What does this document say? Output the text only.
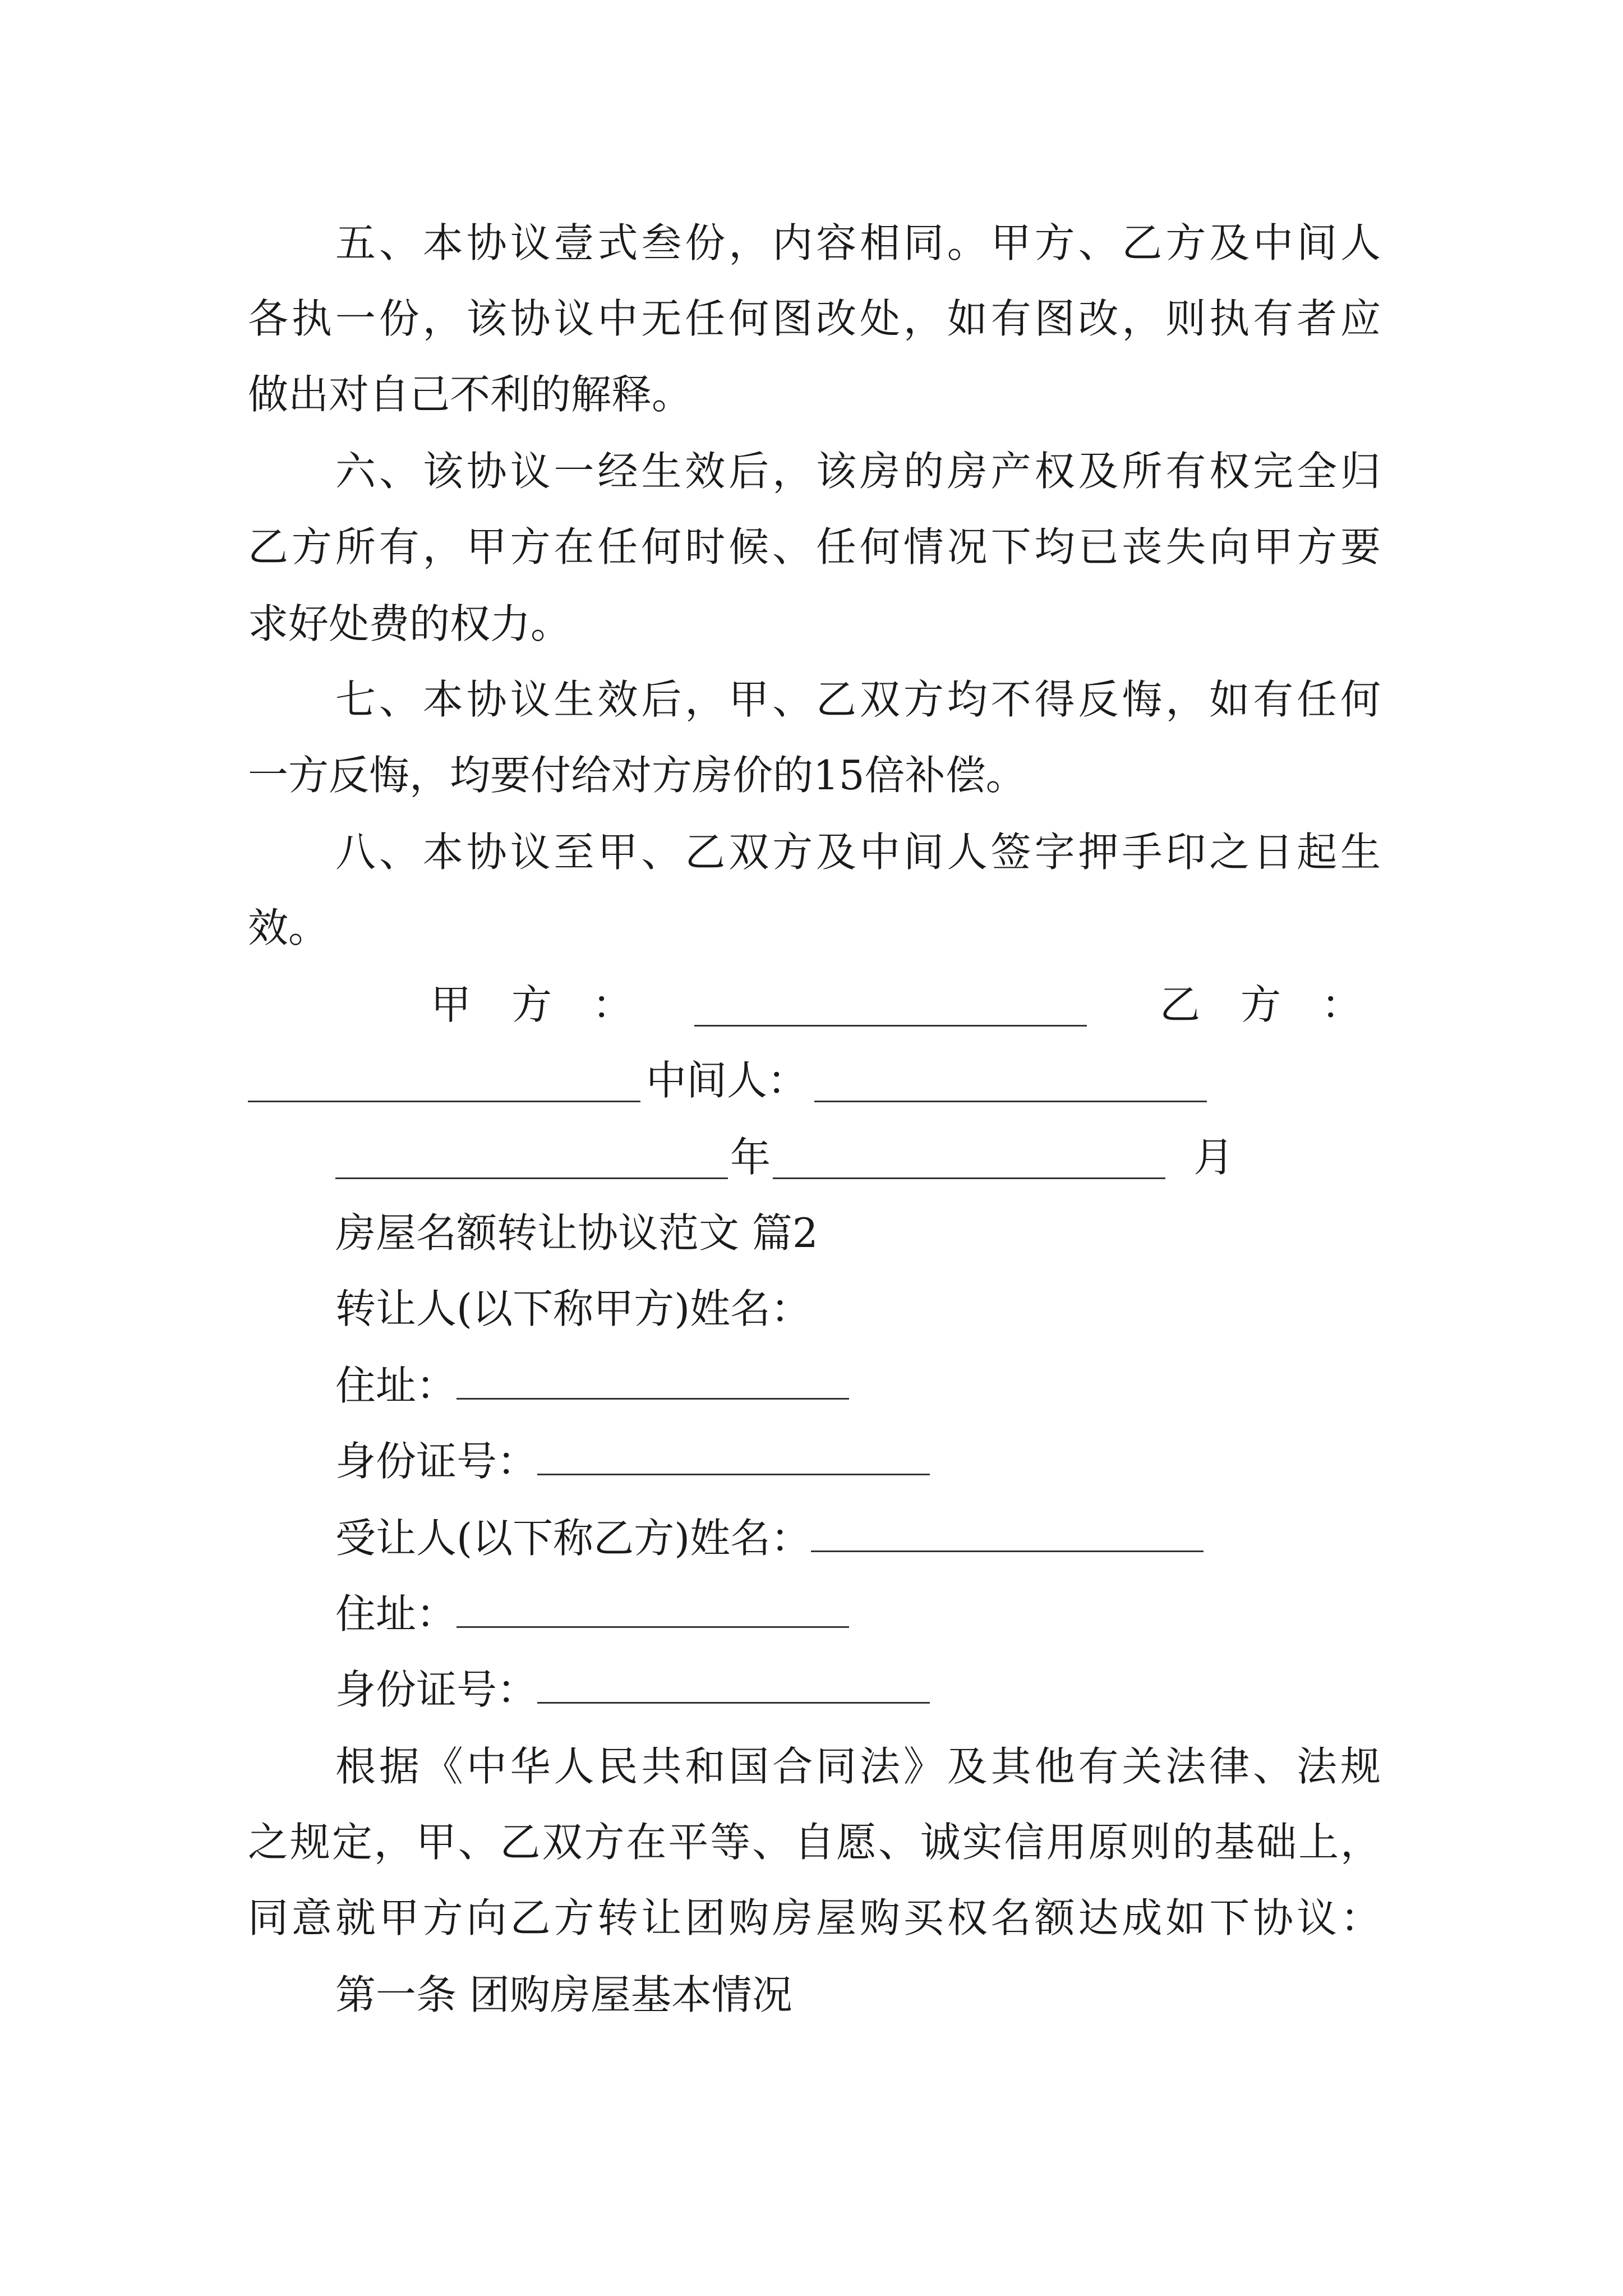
五、本协议壹式叁份，内容相同。甲方、乙方及中间人
各执一份，该协议中无任何图改处，如有图改，则执有者应
做出对自己不利的解释。
六、该协议一经生效后，该房的房产权及所有权完全归
乙方所有，甲方在任何时候、任何情况下均已丧失向甲方要
求好处费的权力。
七、本协议生效后，甲、乙双方均不得反悔，如有任何
一方反悔，均要付给对方房价的15倍补偿。
八、本协议至甲、乙双方及中间人签字押手印之日起生
效。
甲　方　：	乙　方　：
中间人：
年	月
房屋名额转让协议范文 篇2
转让人(以下称甲方)姓名：
住址：
身份证号：
受让人(以下称乙方)姓名：
住址：
身份证号：
根据《中华人民共和国合同法》及其他有关法律、法规
之规定，甲、乙双方在平等、自愿、诚实信用原则的基础上，
同意就甲方向乙方转让团购房屋购买权名额达成如下协议：
第一条 团购房屋基本情况
